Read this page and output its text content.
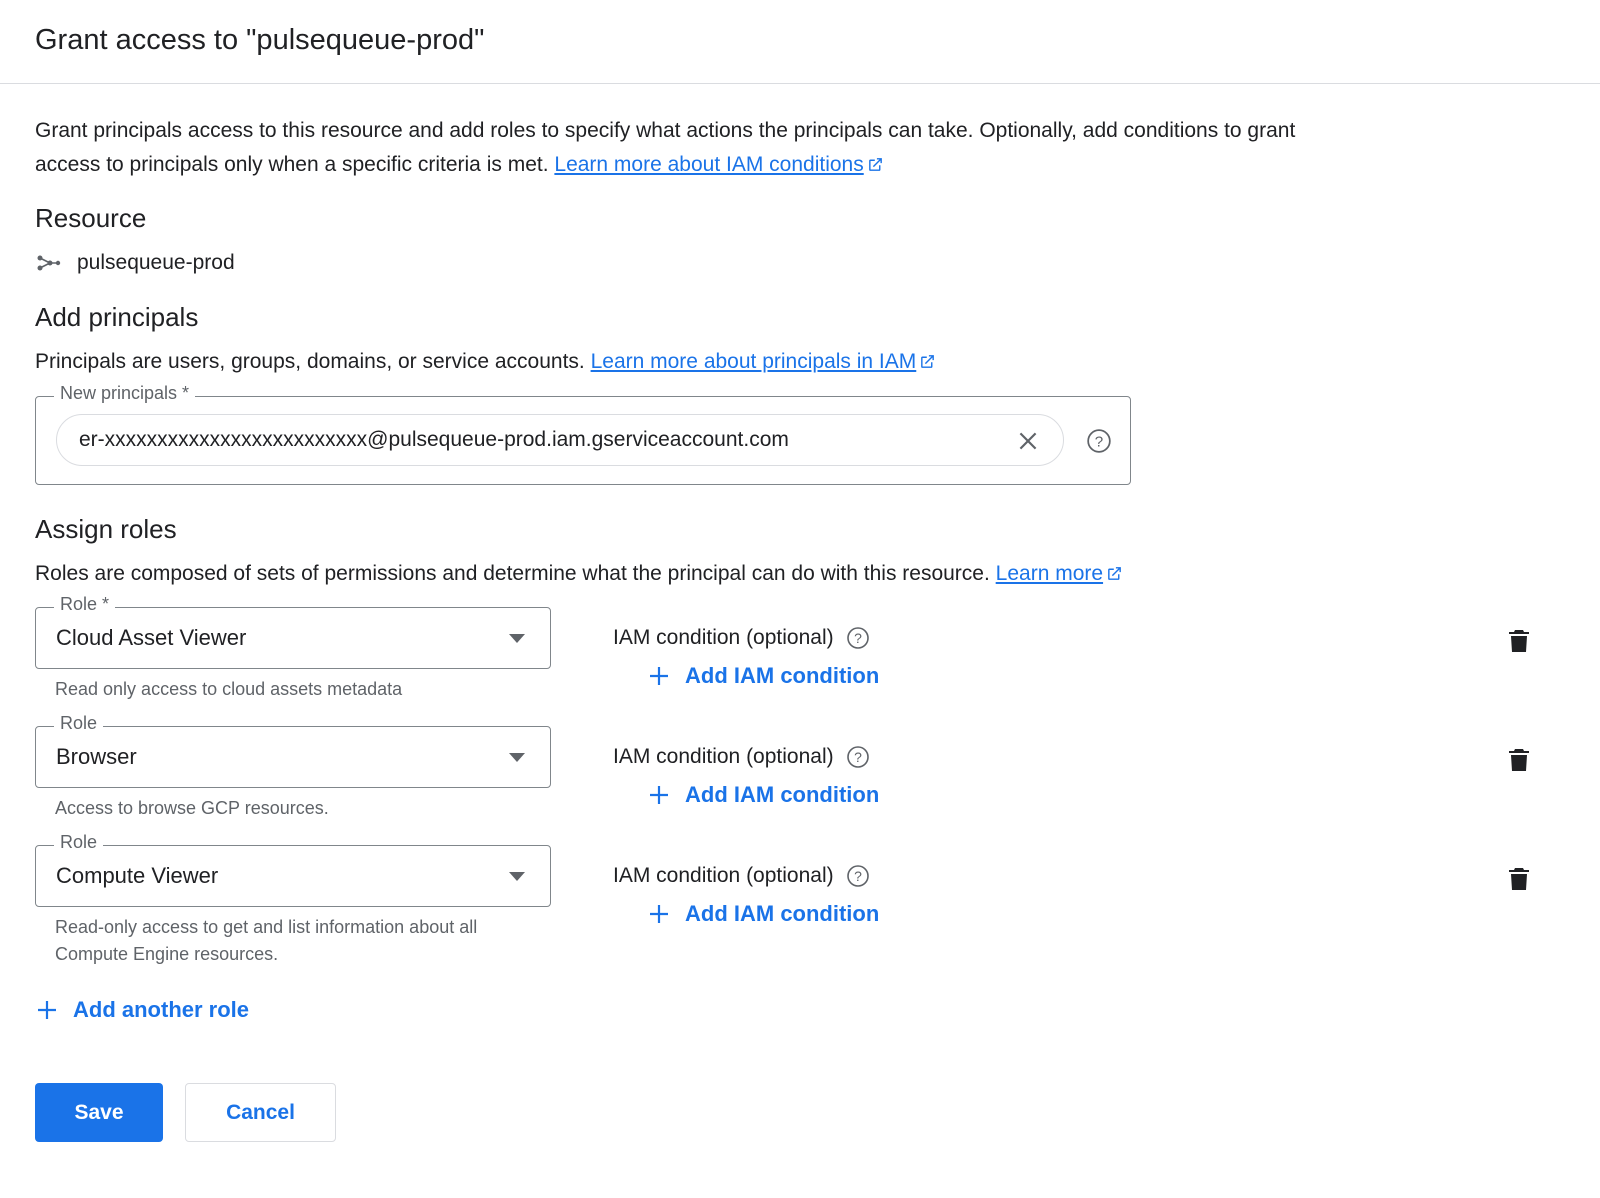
Grant access to "pulsequeue-prod"
Grant principals access to this resource and add roles to specify what actions the principals can take. Optionally, add conditions to grant access to principals only when a specific criteria is met. Learn more about IAM conditions
Resource
pulsequeue-prod
Add principals
Principals are users, groups, domains, or service accounts. Learn more about principals in IAM
New principals *
er-xxxxxxxxxxxxxxxxxxxxxxxxx@pulsequeue-prod.iam.gserviceaccount.com	?
Assign roles
Roles are composed of sets of permissions and determine what the principal can do with this resource. Learn more
Role *
Cloud Asset Viewer
Read only access to cloud assets metadata
IAM condition (optional) ?
Add IAM condition
Role
Browser
Access to browse GCP resources.
IAM condition (optional) ?
Add IAM condition
Role
Compute Viewer
Read-only access to get and list information about all Compute Engine resources.
IAM condition (optional) ?
Add IAM condition
Add another role
Save	Cancel
